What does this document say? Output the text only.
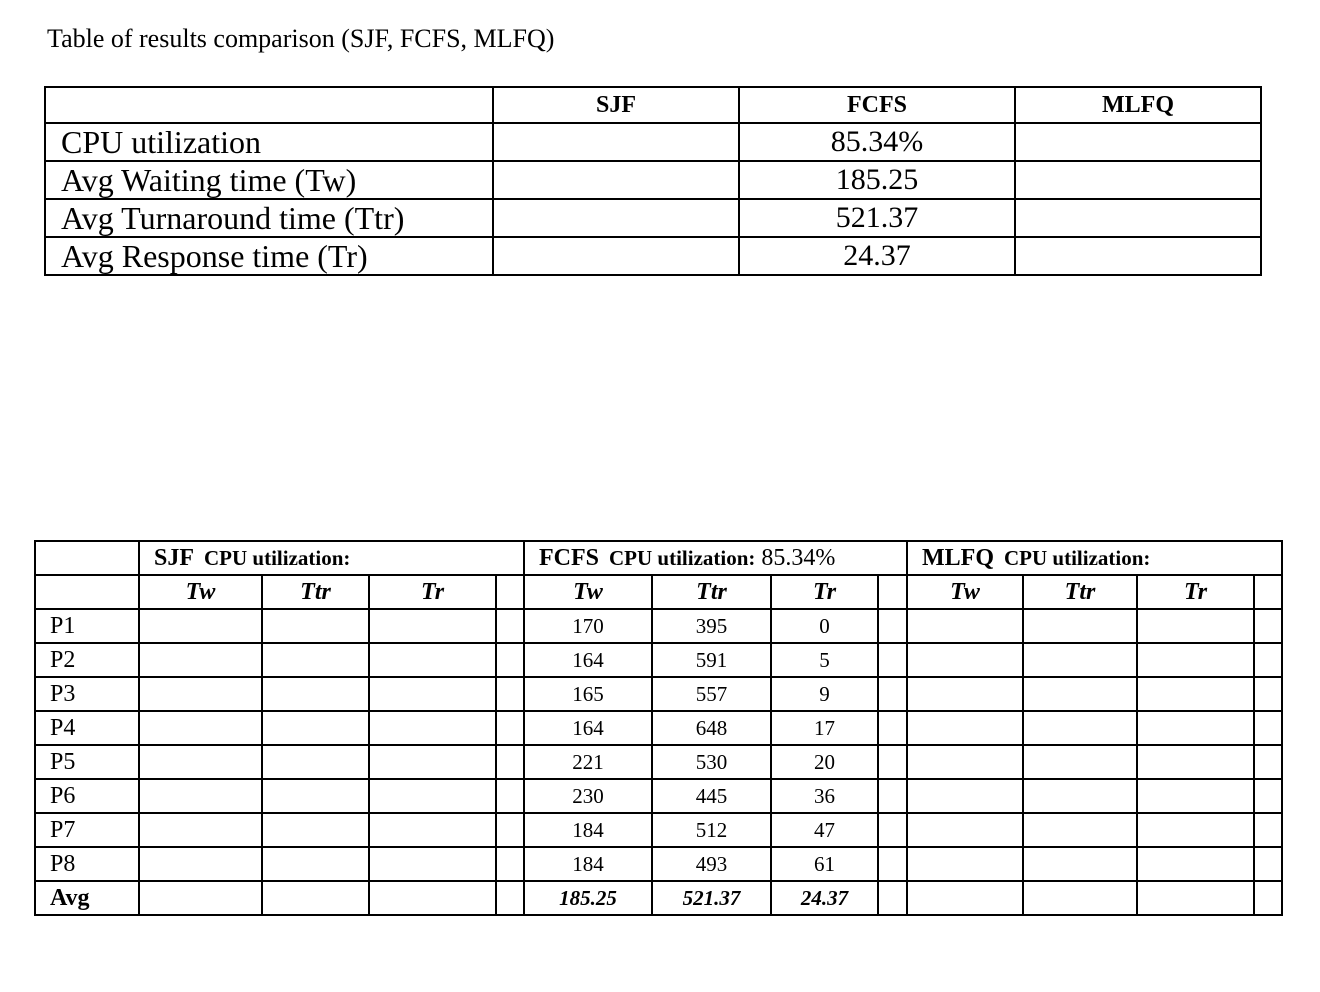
Table of results comparison (SJF, FCFS, MLFQ)
	SJF	FCFS	MLFQ
CPU utilization		85.34%	
Avg Waiting time (Tw)		185.25	
Avg Turnaround time (Ttr)		521.37	
Avg Response time (Tr)		24.37	
	SJF CPU utilization:				FCFS CPU utilization: 85.34%				MLFQ CPU utilization:			
	Tw	Ttr	Tr		Tw	Ttr	Tr		Tw	Ttr	Tr	
P1					170	395	0					
P2					164	591	5					
P3					165	557	9					
P4					164	648	17					
P5					221	530	20					
P6					230	445	36					
P7					184	512	47					
P8					184	493	61					
Avg					185.25	521.37	24.37					
